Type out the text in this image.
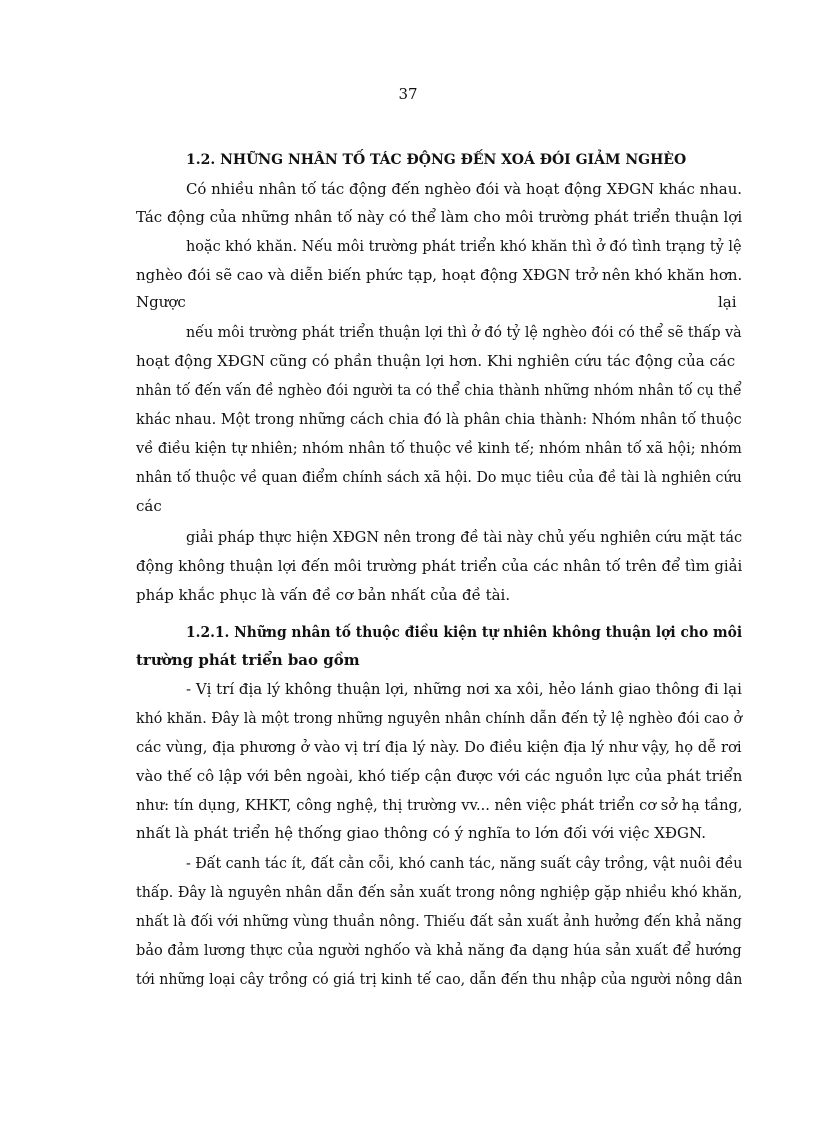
37
1.2. NHỮNG NHÂN TỐ TÁC ĐỘNG ĐẾN XOÁ ĐÓI GIẢM NGHÈO
Có nhiều nhân tố tác động đến nghèo đói và hoạt động XĐGN khác nhau.
Tác động của những nhân tố này có thể làm cho môi trường phát triển thuận lợi
hoặc khó khăn. Nếu môi trường phát triển khó khăn thì ở đó tình trạng tỷ lệ
nghèo đói sẽ cao và diễn biến phức tạp, hoạt động XĐGN trở nên khó khăn hơn.
Ngược	lại
nếu môi trường phát triển thuận lợi thì ở đó tỷ lệ nghèo đói có thể sẽ thấp và
hoạt động XĐGN cũng có phần thuận lợi hơn. Khi nghiên cứu tác động của các
nhân tố đến vấn đề nghèo đói người ta có thể chia thành những nhóm nhân tố cụ thể
khác nhau. Một trong những cách chia đó là phân chia thành: Nhóm nhân tố thuộc
về điều kiện tự nhiên; nhóm nhân tố thuộc về kinh tế; nhóm nhân tố xã hội; nhóm
nhân tố thuộc về quan điểm chính sách xã hội. Do mục tiêu của đề tài là nghiên cứu
các
giải pháp thực hiện XĐGN nên trong đề tài này chủ yếu nghiên cứu mặt tác
động không thuận lợi đến môi trường phát triển của các nhân tố trên để tìm giải
pháp khắc phục là vấn đề cơ bản nhất của đề tài.
1.2.1. Những nhân tố thuộc điều kiện tự nhiên không thuận lợi cho môi
trường phát triển bao gồm
- Vị trí địa lý không thuận lợi, những nơi xa xôi, hẻo lánh giao thông đi lại
khó khăn. Đây là một trong những nguyên nhân chính dẫn đến tỷ lệ nghèo đói cao ở
các vùng, địa phương ở vào vị trí địa lý này. Do điều kiện địa lý như vậy, họ dễ rơi
vào thế cô lập với bên ngoài, khó tiếp cận được với các nguồn lực của phát triển
như: tín dụng, KHKT, công nghệ, thị trường vv... nên việc phát triển cơ sở hạ tầng,
nhất là phát triển hệ thống giao thông có ý nghĩa to lớn đối với việc XĐGN.
- Đất canh tác ít, đất cằn cỗi, khó canh tác, năng suất cây trồng, vật nuôi đều
thấp. Đây là nguyên nhân dẫn đến sản xuất trong nông nghiệp gặp nhiều khó khăn,
nhất là đối với những vùng thuần nông. Thiếu đất sản xuất ảnh hưởng đến khả năng
bảo đảm lương thực của người nghốo và khả năng đa dạng húa sản xuất để hướng
tới những loại cây trồng có giá trị kinh tế cao, dẫn đến thu nhập của người nông dân
